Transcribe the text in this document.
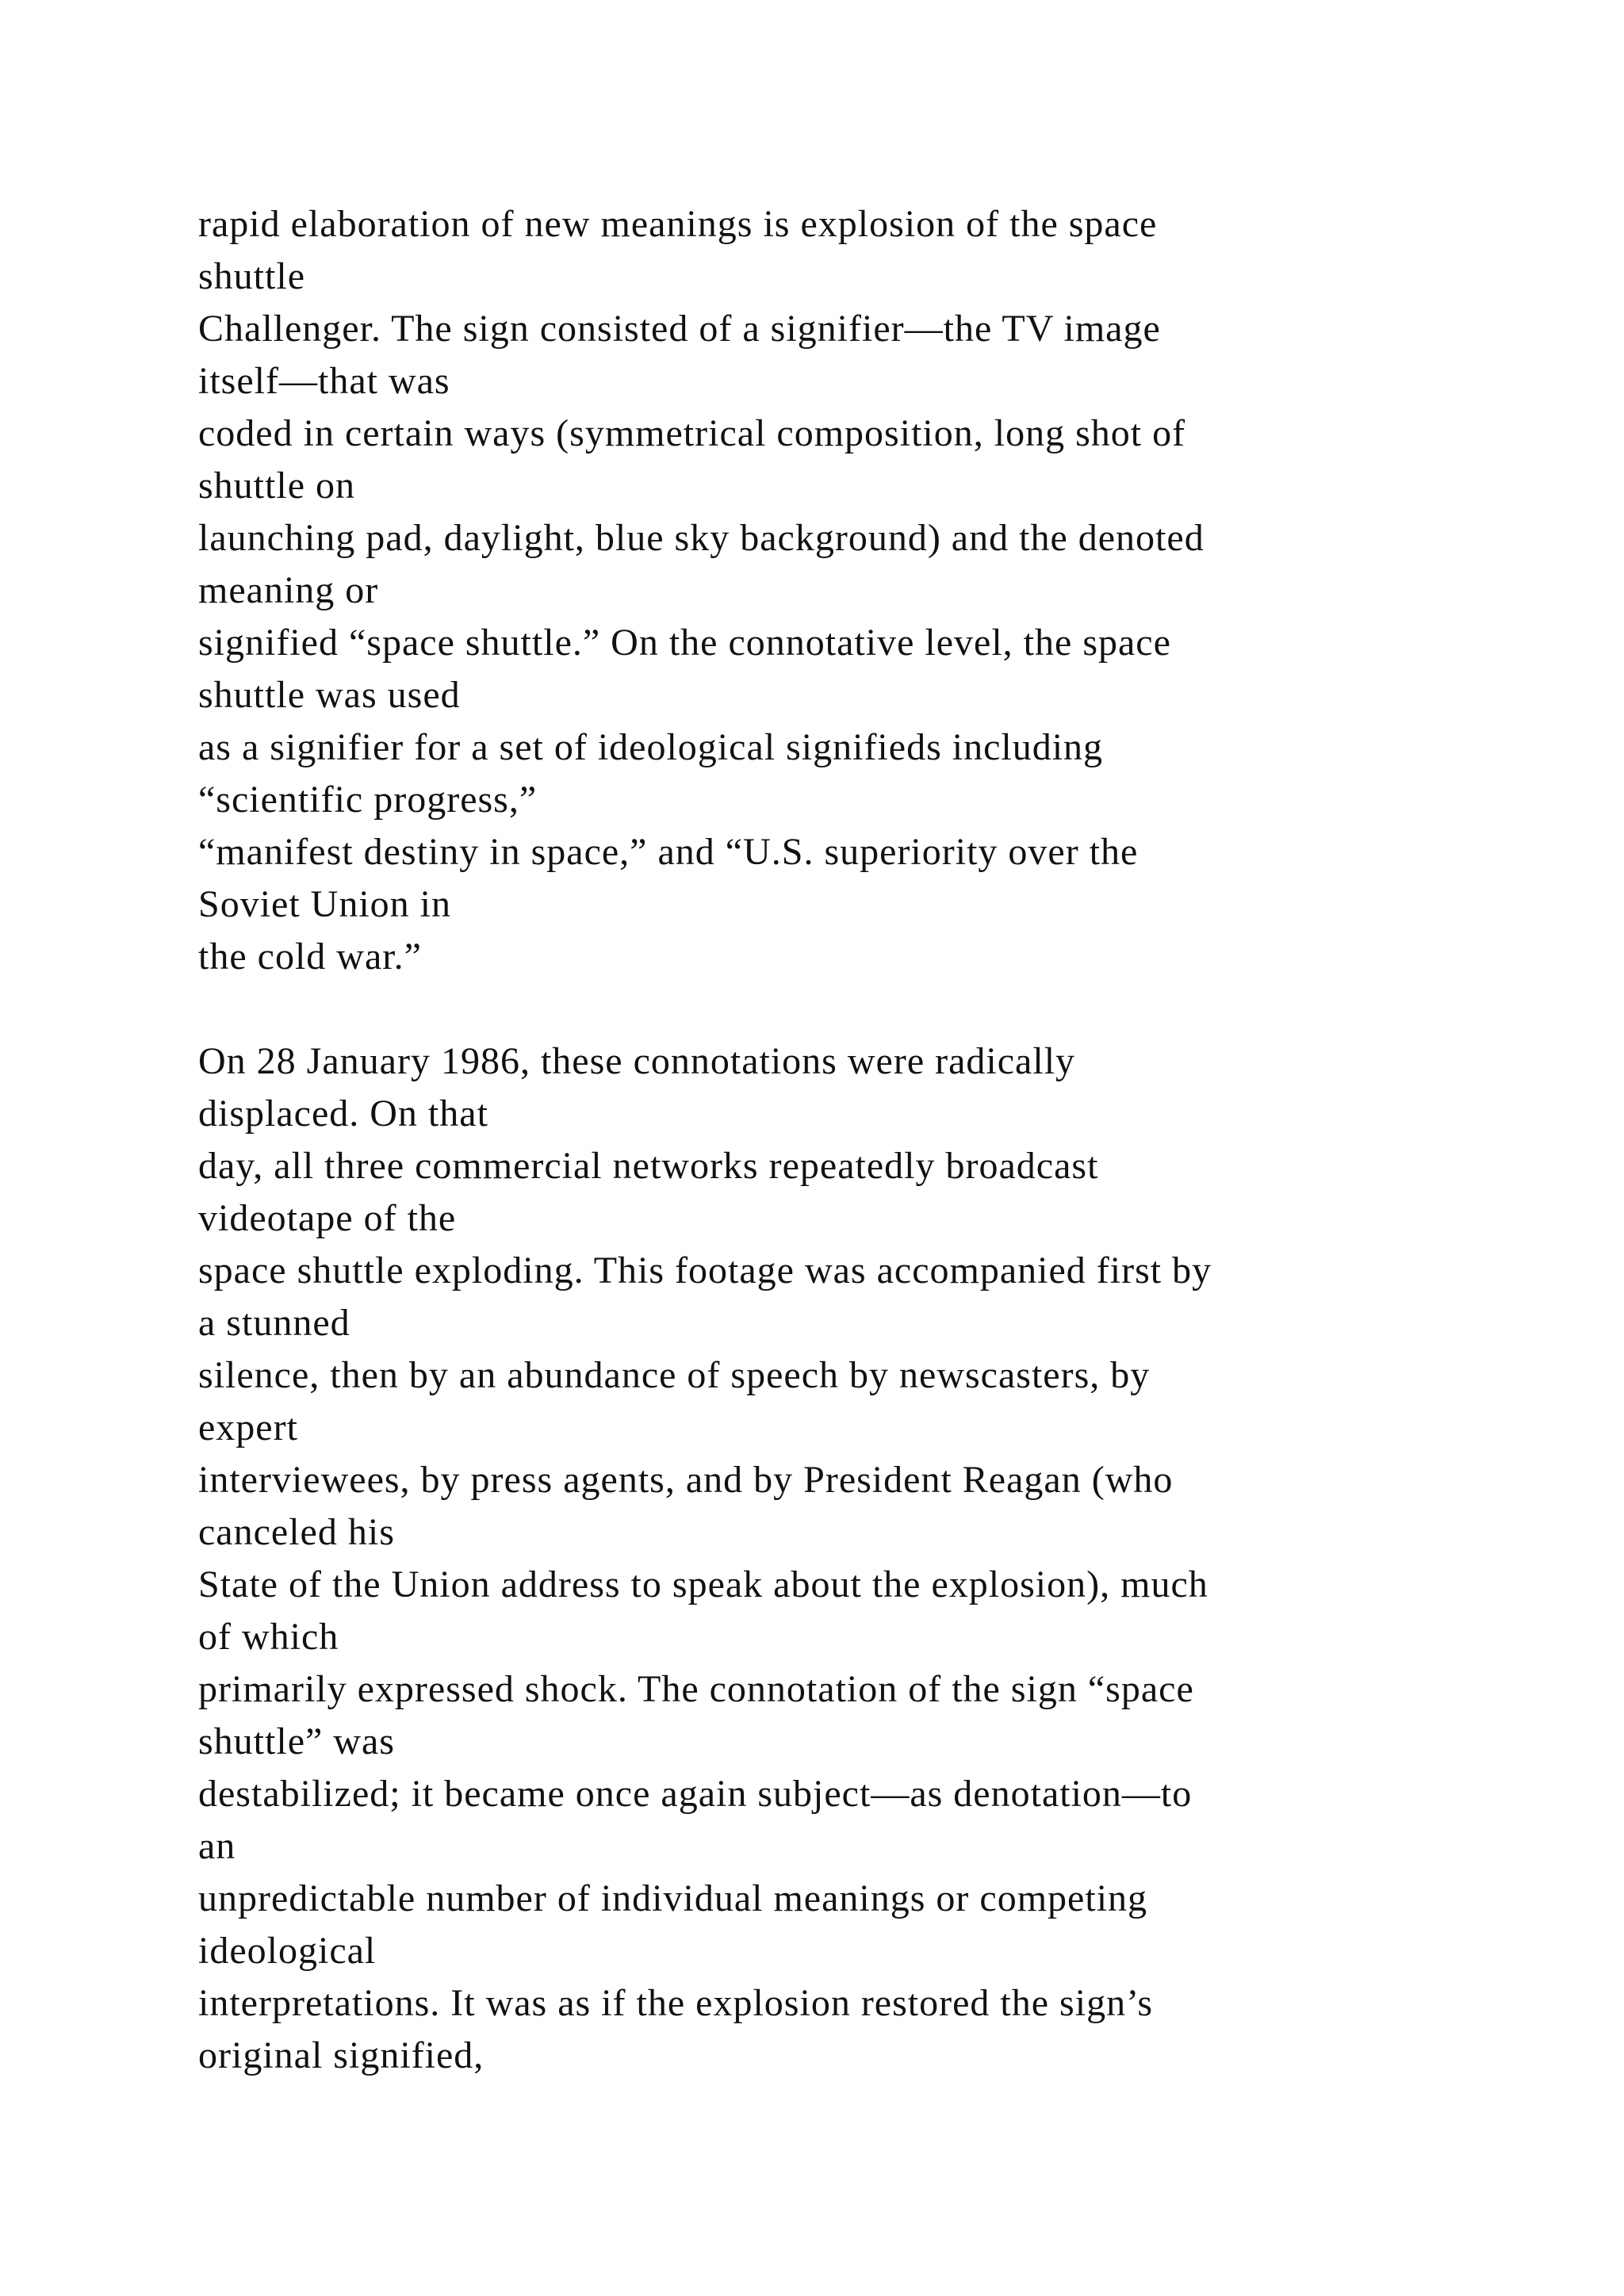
rapid elaboration of new meanings is explosion of the space
shuttle
Challenger. The sign consisted of a signifier—the TV image
itself—that was
coded in certain ways (symmetrical composition, long shot of
shuttle on
launching pad, daylight, blue sky background) and the denoted
meaning or
signified “space shuttle.” On the connotative level, the space
shuttle was used
as a signifier for a set of ideological signifieds including
“scientific progress,”
“manifest destiny in space,” and “U.S. superiority over the
Soviet Union in
the cold war.”
On 28 January 1986, these connotations were radically
displaced. On that
day, all three commercial networks repeatedly broadcast
videotape of the
space shuttle exploding. This footage was accompanied first by
a stunned
silence, then by an abundance of speech by newscasters, by
expert
interviewees, by press agents, and by President Reagan (who
canceled his
State of the Union address to speak about the explosion), much
of which
primarily expressed shock. The connotation of the sign “space
shuttle” was
destabilized; it became once again subject—as denotation—to
an
unpredictable number of individual meanings or competing
ideological
interpretations. It was as if the explosion restored the sign’s
original signified,
